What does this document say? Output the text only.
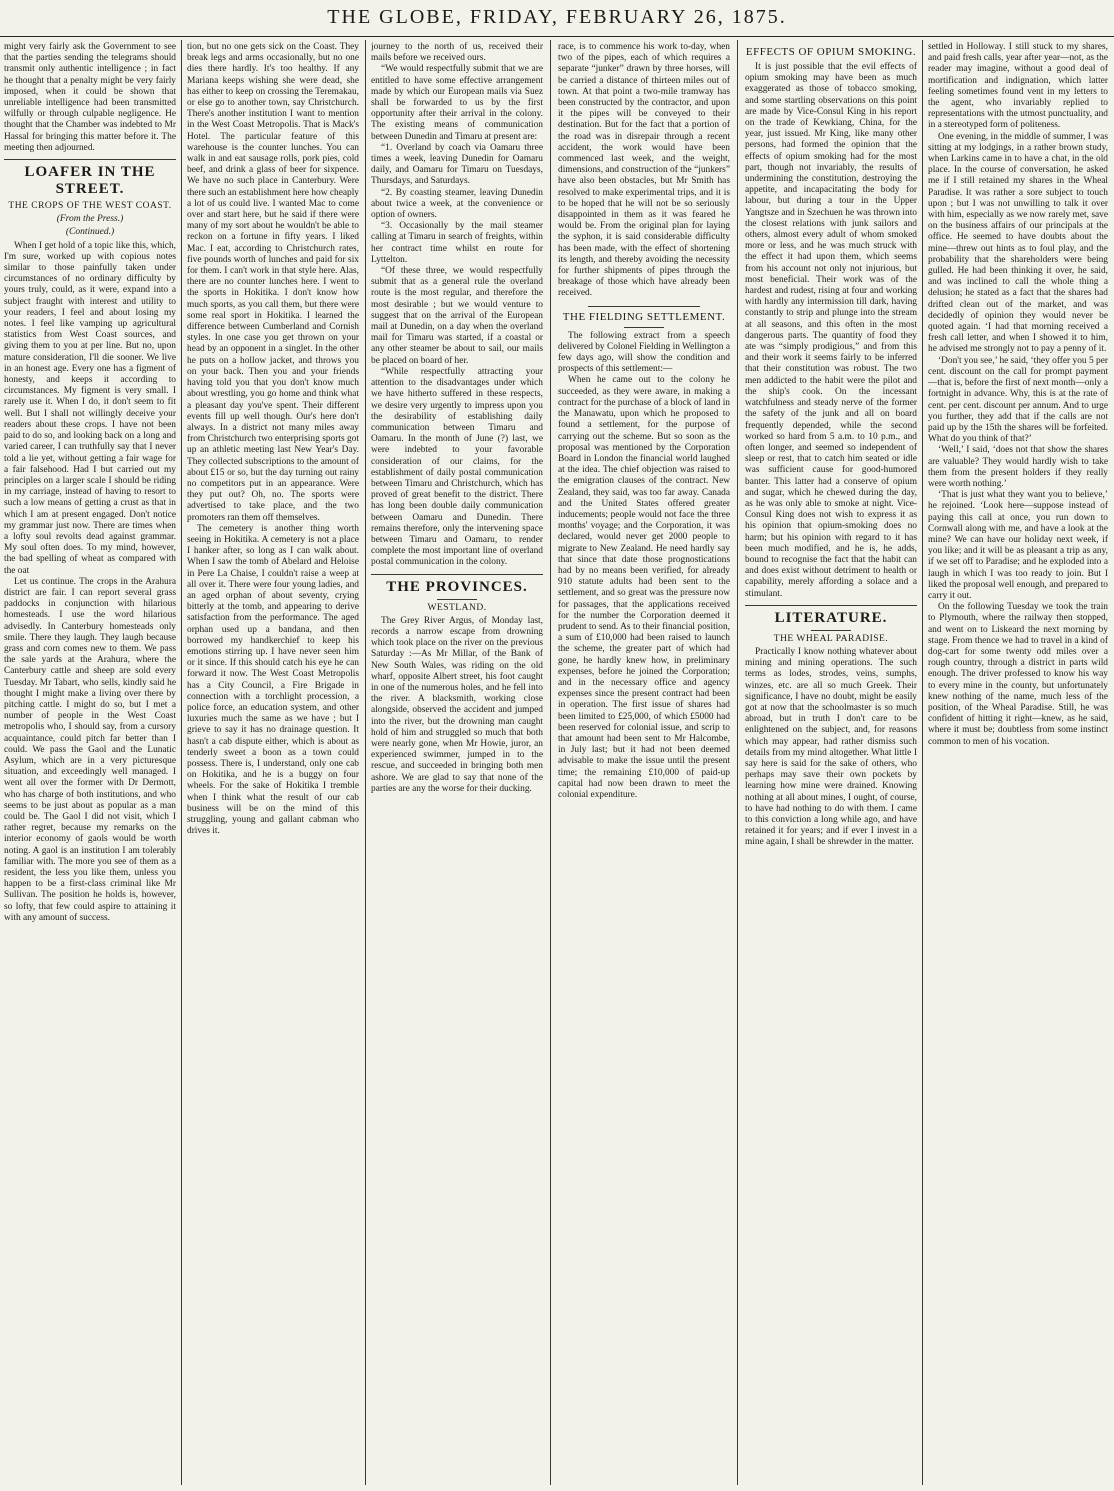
THE GLOBE, FRIDAY, FEBRUARY 26, 1875.

might very fairly ask the Government to see that the parties sending the telegrams should transmit only authentic intelligence ; in fact he thought that a penalty might be very fairly imposed, when it could be shown that unreliable intelligence had been transmitted wilfully or through culpable negligence. He thought that the Chamber was indebted to Mr Hassal for bringing this matter before it. The meeting then adjourned.

LOAFER IN THE STREET.
THE CROPS OF THE WEST COAST.
(From the Press.)
(Continued.)

When I get hold of a topic like this, which, I'm sure, worked up with copious notes similar to those painfully taken under circumstances of no ordinary difficulty by yours truly, could, as it were, expand into a subject fraught with interest and utility to your readers, I feel and about losing my notes. I feel like vamping up agricultural statistics from West Coast sources, and giving them to you at per line. But no, upon mature consideration, I'll die sooner. We live in an honest age. Every one has a figment of honesty, and keeps it according to circumstances. My figment is very small. I rarely use it. When I do, it don't seem to fit well. But I shall not willingly deceive your readers about these crops. I have not been paid to do so, and looking back on a long and varied career, I can truthfully say that I never told a lie yet, without getting a fair wage for a fair falsehood. Had I but carried out my principles on a larger scale I should be riding in my carriage, instead of having to resort to such a low means of getting a crust as that in which I am at present engaged. Don't notice my grammar just now. There are times when a lofty soul revolts dead against grammar. My soul often does. To my mind, however, the bad spelling of wheat as compared with the oat

Let us continue. The crops in the Arahura district are fair. I can report several grass paddocks in conjunction with hilarious homesteads. I use the word hilarious advisedly. In Canterbury homesteads only smile. There they laugh. They laugh because grass and corn comes new to them. We pass the sale yards at the Arahura, where the Canterbury cattle and sheep are sold every Tuesday. Mr Tabart, who sells, kindly said he thought I might make a living over there by pitching cattle. I might do so, but I met a number of people in the West Coast metropolis who, I should say, from a cursory acquaintance, could pitch far better than I could. We pass the Gaol and the Lunatic Asylum, which are in a very picturesque situation, and exceedingly well managed. I went all over the former with Dr Dermott, who has charge of both institutions, and who seems to be just about as popular as a man could be. The Gaol I did not visit, which I rather regret, because my remarks on the interior economy of gaols would be worth noting. A gaol is an institution I am tolerably familiar with. The more you see of them as a resident, the less you like them, unless you happen to be a first-class criminal like Mr Sullivan. The position he holds is, however, so lofty, that few could aspire to attaining it with any amount of success.

tion, but no one gets sick on the Coast. They break legs and arms occasionally, but no one dies there hardly. It's too healthy. If any Mariana keeps wishing she were dead, she has either to keep on crossing the Teremakau, or else go to another town, say Christchurch. There's another institution I want to mention in the West Coast Metropolis. That is Mack's Hotel. The particular feature of this warehouse is the counter lunches. You can walk in and eat sausage rolls, pork pies, cold beef, and drink a glass of beer for sixpence. We have no such place in Canterbury. Were there such an establishment here how cheaply a lot of us could live. I wanted Mac to come over and start here, but he said if there were many of my sort about he wouldn't be able to reckon on a fortune in fifty years. I liked Mac. I eat, according to Christchurch rates, five pounds worth of lunches and paid for six for them. I can't work in that style here. Alas, there are no counter lunches here. I went to the sports in Hokitika. I don't know how much sports, as you call them, but there were some real sport in Hokitika. I learned the difference between Cumberland and Cornish styles. In one case you get thrown on your head by an opponent in a singlet. In the other he puts on a hollow jacket, and throws you on your back. Then you and your friends having told you that you don't know much about wrestling, you go home and think what a pleasant day you've spent. Their different events fill up well though. Our's here don't always. In a district not many miles away from Christchurch two enterprising sports got up an athletic meeting last New Year's Day. They collected subscriptions to the amount of about £15 or so, but the day turning out rainy no competitors put in an appearance. Were they put out? Oh, no. The sports were advertised to take place, and the two promoters ran them off themselves.

The cemetery is another thing worth seeing in Hokitika. A cemetery is not a place I hanker after, so long as I can walk about. When I saw the tomb of Abelard and Heloise in Pere La Chaise, I couldn't raise a weep at all over it. There were four young ladies, and an aged orphan of about seventy, crying bitterly at the tomb, and appearing to derive satisfaction from the performance. The aged orphan used up a bandana, and then borrowed my handkerchief to keep his emotions stirring up. I have never seen him or it since. If this should catch his eye he can forward it now. The West Coast Metropolis has a City Council, a Fire Brigade in connection with a torchlight procession, a police force, an education system, and other luxuries much the same as we have ; but I grieve to say it has no drainage question. It hasn't a cab dispute either, which is about as tenderly sweet a boon as a town could possess. There is, I understand, only one cab on Hokitika, and he is a buggy on four wheels. For the sake of Hokitika I tremble when I think what the result of our cab business will be on the mind of this struggling, young and gallant cabman who drives it.

journey to the north of us, received their mails before we received ours.

“We would respectfully submit that we are entitled to have some effective arrangement made by which our European mails via Suez shall be forwarded to us by the first opportunity after their arrival in the colony. The existing means of communication between Dunedin and Timaru at present are:

“1. Overland by coach via Oamaru three times a week, leaving Dunedin for Oamaru daily, and Oamaru for Timaru on Tuesdays, Thursdays, and Saturdays.

“2. By coasting steamer, leaving Dunedin about twice a week, at the convenience or option of owners.

“3. Occasionally by the mail steamer calling at Timaru in search of freights, within her contract time whilst en route for Lyttelton.

“Of these three, we would respectfully submit that as a general rule the overland route is the most regular, and therefore the most desirable ; but we would venture to suggest that on the arrival of the European mail at Dunedin, on a day when the overland mail for Timaru was started, if a coastal or any other steamer be about to sail, our mails be placed on board of her.

“While respectfully attracting your attention to the disadvantages under which we have hitherto suffered in these respects, we desire very urgently to impress upon you the desirability of establishing daily communication between Timaru and Oamaru. In the month of June (?) last, we were indebted to your favorable consideration of our claims, for the establishment of daily postal communication between Timaru and Christchurch, which has proved of great benefit to the district. There has long been double daily communication between Oamaru and Dunedin. There remains therefore, only the intervening space between Timaru and Oamaru, to render complete the most important line of overland postal communication in the colony.

THE PROVINCES.
WESTLAND.

The Grey River Argus, of Monday last, records a narrow escape from drowning which took place on the river on the previous Saturday :—As Mr Millar, of the Bank of New South Wales, was riding on the old wharf, opposite Albert street, his foot caught in one of the numerous holes, and he fell into the river. A blacksmith, working close alongside, observed the accident and jumped into the river, but the drowning man caught hold of him and struggled so much that both were nearly gone, when Mr Howie, juror, an experienced swimmer, jumped in to the rescue, and succeeded in bringing both men ashore. We are glad to say that none of the parties are any the worse for their ducking.

race, is to commence his work to-day, when two of the pipes, each of which requires a separate “junker” drawn by three horses, will be carried a distance of thirteen miles out of town. At that point a two-mile tramway has been constructed by the contractor, and upon it the pipes will be conveyed to their destination. But for the fact that a portion of the road was in disrepair through a recent accident, the work would have been commenced last week, and the weight, dimensions, and construction of the “junkers” have also been obstacles, but Mr Smith has resolved to make experimental trips, and it is to be hoped that he will not be so seriously disappointed in them as it was feared he would be. From the original plan for laying the syphon, it is said considerable difficulty has been made, with the effect of shortening its length, and thereby avoiding the necessity for further shipments of pipes through the breakage of those which have already been received.

THE FIELDING SETTLEMENT.

The following extract from a speech delivered by Colonel Fielding in Wellington a few days ago, will show the condition and prospects of this settlement:—

When he came out to the colony he succeeded, as they were aware, in making a contract for the purchase of a block of land in the Manawatu, upon which he proposed to found a settlement, for the purpose of carrying out the scheme. But so soon as the proposal was mentioned by the Corporation Board in London the financial world laughed at the idea. The chief objection was raised to the emigration clauses of the contract. New Zealand, they said, was too far away. Canada and the United States offered greater inducements; people would not face the three months' voyage; and the Corporation, it was declared, would never get 2000 people to migrate to New Zealand. He need hardly say that since that date those prognostications had by no means been verified, for already 910 statute adults had been sent to the settlement, and so great was the pressure now for passages, that the applications received for the number the Corporation deemed it prudent to send. As to their financial position, a sum of £10,000 had been raised to launch the scheme, the greater part of which had gone, he hardly knew how, in preliminary expenses, before he joined the Corporation; and in the necessary office and agency expenses since the present contract had been in operation. The first issue of shares had been limited to £25,000, of which £5000 had been reserved for colonial issue, and scrip to that amount had been sent to Mr Halcombe, in July last; but it had not been deemed advisable to make the issue until the present time; the remaining £10,000 of paid-up capital had now been drawn to meet the colonial expenditure.

EFFECTS OF OPIUM SMOKING.

It is just possible that the evil effects of opium smoking may have been as much exaggerated as those of tobacco smoking, and some startling observations on this point are made by Vice-Consul King in his report on the trade of Kewkiang, China, for the year, just issued. Mr King, like many other persons, had formed the opinion that the effects of opium smoking had for the most part, though not invariably, the results of undermining the constitution, destroying the appetite, and incapacitating the body for labour, but during a tour in the Upper Yangtsze and in Szechuen he was thrown into the closest relations with junk sailors and others, almost every adult of whom smoked more or less, and he was much struck with the effect it had upon them, which seems from his account not only not injurious, but most beneficial. Their work was of the hardest and rudest, rising at four and working with hardly any intermission till dark, having constantly to strip and plunge into the stream at all seasons, and this often in the most dangerous parts. The quantity of food they ate was “simply prodigious,” and from this and their work it seems fairly to be inferred that their constitution was robust. The two men addicted to the habit were the pilot and the ship's cook. On the incessant watchfulness and steady nerve of the former the safety of the junk and all on board frequently depended, while the second worked so hard from 5 a.m. to 10 p.m., and often longer, and seemed so independent of sleep or rest, that to catch him seated or idle was sufficient cause for good-humored banter. This latter had a conserve of opium and sugar, which he chewed during the day, as he was only able to smoke at night. Vice-Consul King does not wish to express it as his opinion that opium-smoking does no harm; but his opinion with regard to it has been much modified, and he is, he adds, bound to recognise the fact that the habit can and does exist without detriment to health or capability, merely affording a solace and a stimulant.

LITERATURE.
THE WHEAL PARADISE.

Practically I know nothing whatever about mining and mining operations. The such terms as lodes, strodes, veins, sumphs, winzes, etc. are all so much Greek. Their significance, I have no doubt, might be easily got at now that the schoolmaster is so much abroad, but in truth I don't care to be enlightened on the subject, and, for reasons which may appear, had rather dismiss such details from my mind altogether. What little I say here is said for the sake of others, who perhaps may save their own pockets by learning how mine were drained. Knowing nothing at all about mines, I ought, of course, to have had nothing to do with them. I came to this conviction a long while ago, and have retained it for years; and if ever I invest in a mine again, I shall be shrewder in the matter.

settled in Holloway. I still stuck to my shares, and paid fresh calls, year after year—not, as the reader may imagine, without a good deal of mortification and indignation, which latter feeling sometimes found vent in my letters to the agent, who invariably replied to representations with the utmost punctuality, and in a stereotyped form of politeness.

One evening, in the middle of summer, I was sitting at my lodgings, in a rather brown study, when Larkins came in to have a chat, in the old place. In the course of conversation, he asked me if I still retained my shares in the Wheal Paradise. It was rather a sore subject to touch upon ; but I was not unwilling to talk it over with him, especially as we now rarely met, save on the business affairs of our principals at the office. He seemed to have doubts about the mine—threw out hints as to foul play, and the probability that the shareholders were being gulled. He had been thinking it over, he said, and was inclined to call the whole thing a delusion; he stated as a fact that the shares had drifted clean out of the market, and was decidedly of opinion they would never be quoted again. ‘I had that morning received a fresh call letter, and when I showed it to him, he advised me strongly not to pay a penny of it.

‘Don't you see,’ he said, ‘they offer you 5 per cent. discount on the call for prompt payment—that is, before the first of next month—only a fortnight in advance. Why, this is at the rate of cent. per cent. discount per annum. And to urge you further, they add that if the calls are not paid up by the 15th the shares will be forfeited. What do you think of that?’

‘Well,’ I said, ‘does not that show the shares are valuable? They would hardly wish to take them from the present holders if they really were worth nothing.’

‘That is just what they want you to believe,’ he rejoined. ‘Look here—suppose instead of paying this call at once, you run down to Cornwall along with me, and have a look at the mine? We can have our holiday next week, if you like; and it will be as pleasant a trip as any, if we set off to Paradise; and he exploded into a laugh in which I was too ready to join. But I liked the proposal well enough, and prepared to carry it out.

On the following Tuesday we took the train to Plymouth, where the railway then stopped, and went on to Liskeard the next morning by stage. From thence we had to travel in a kind of dog-cart for some twenty odd miles over a rough country, through a district in parts wild enough. The driver professed to know his way to every mine in the county, but unfortunately knew nothing of the name, much less of the position, of the Wheal Paradise. Still, he was confident of hitting it right—knew, as he said, where it must be; doubtless from some instinct common to men of his vocation.
